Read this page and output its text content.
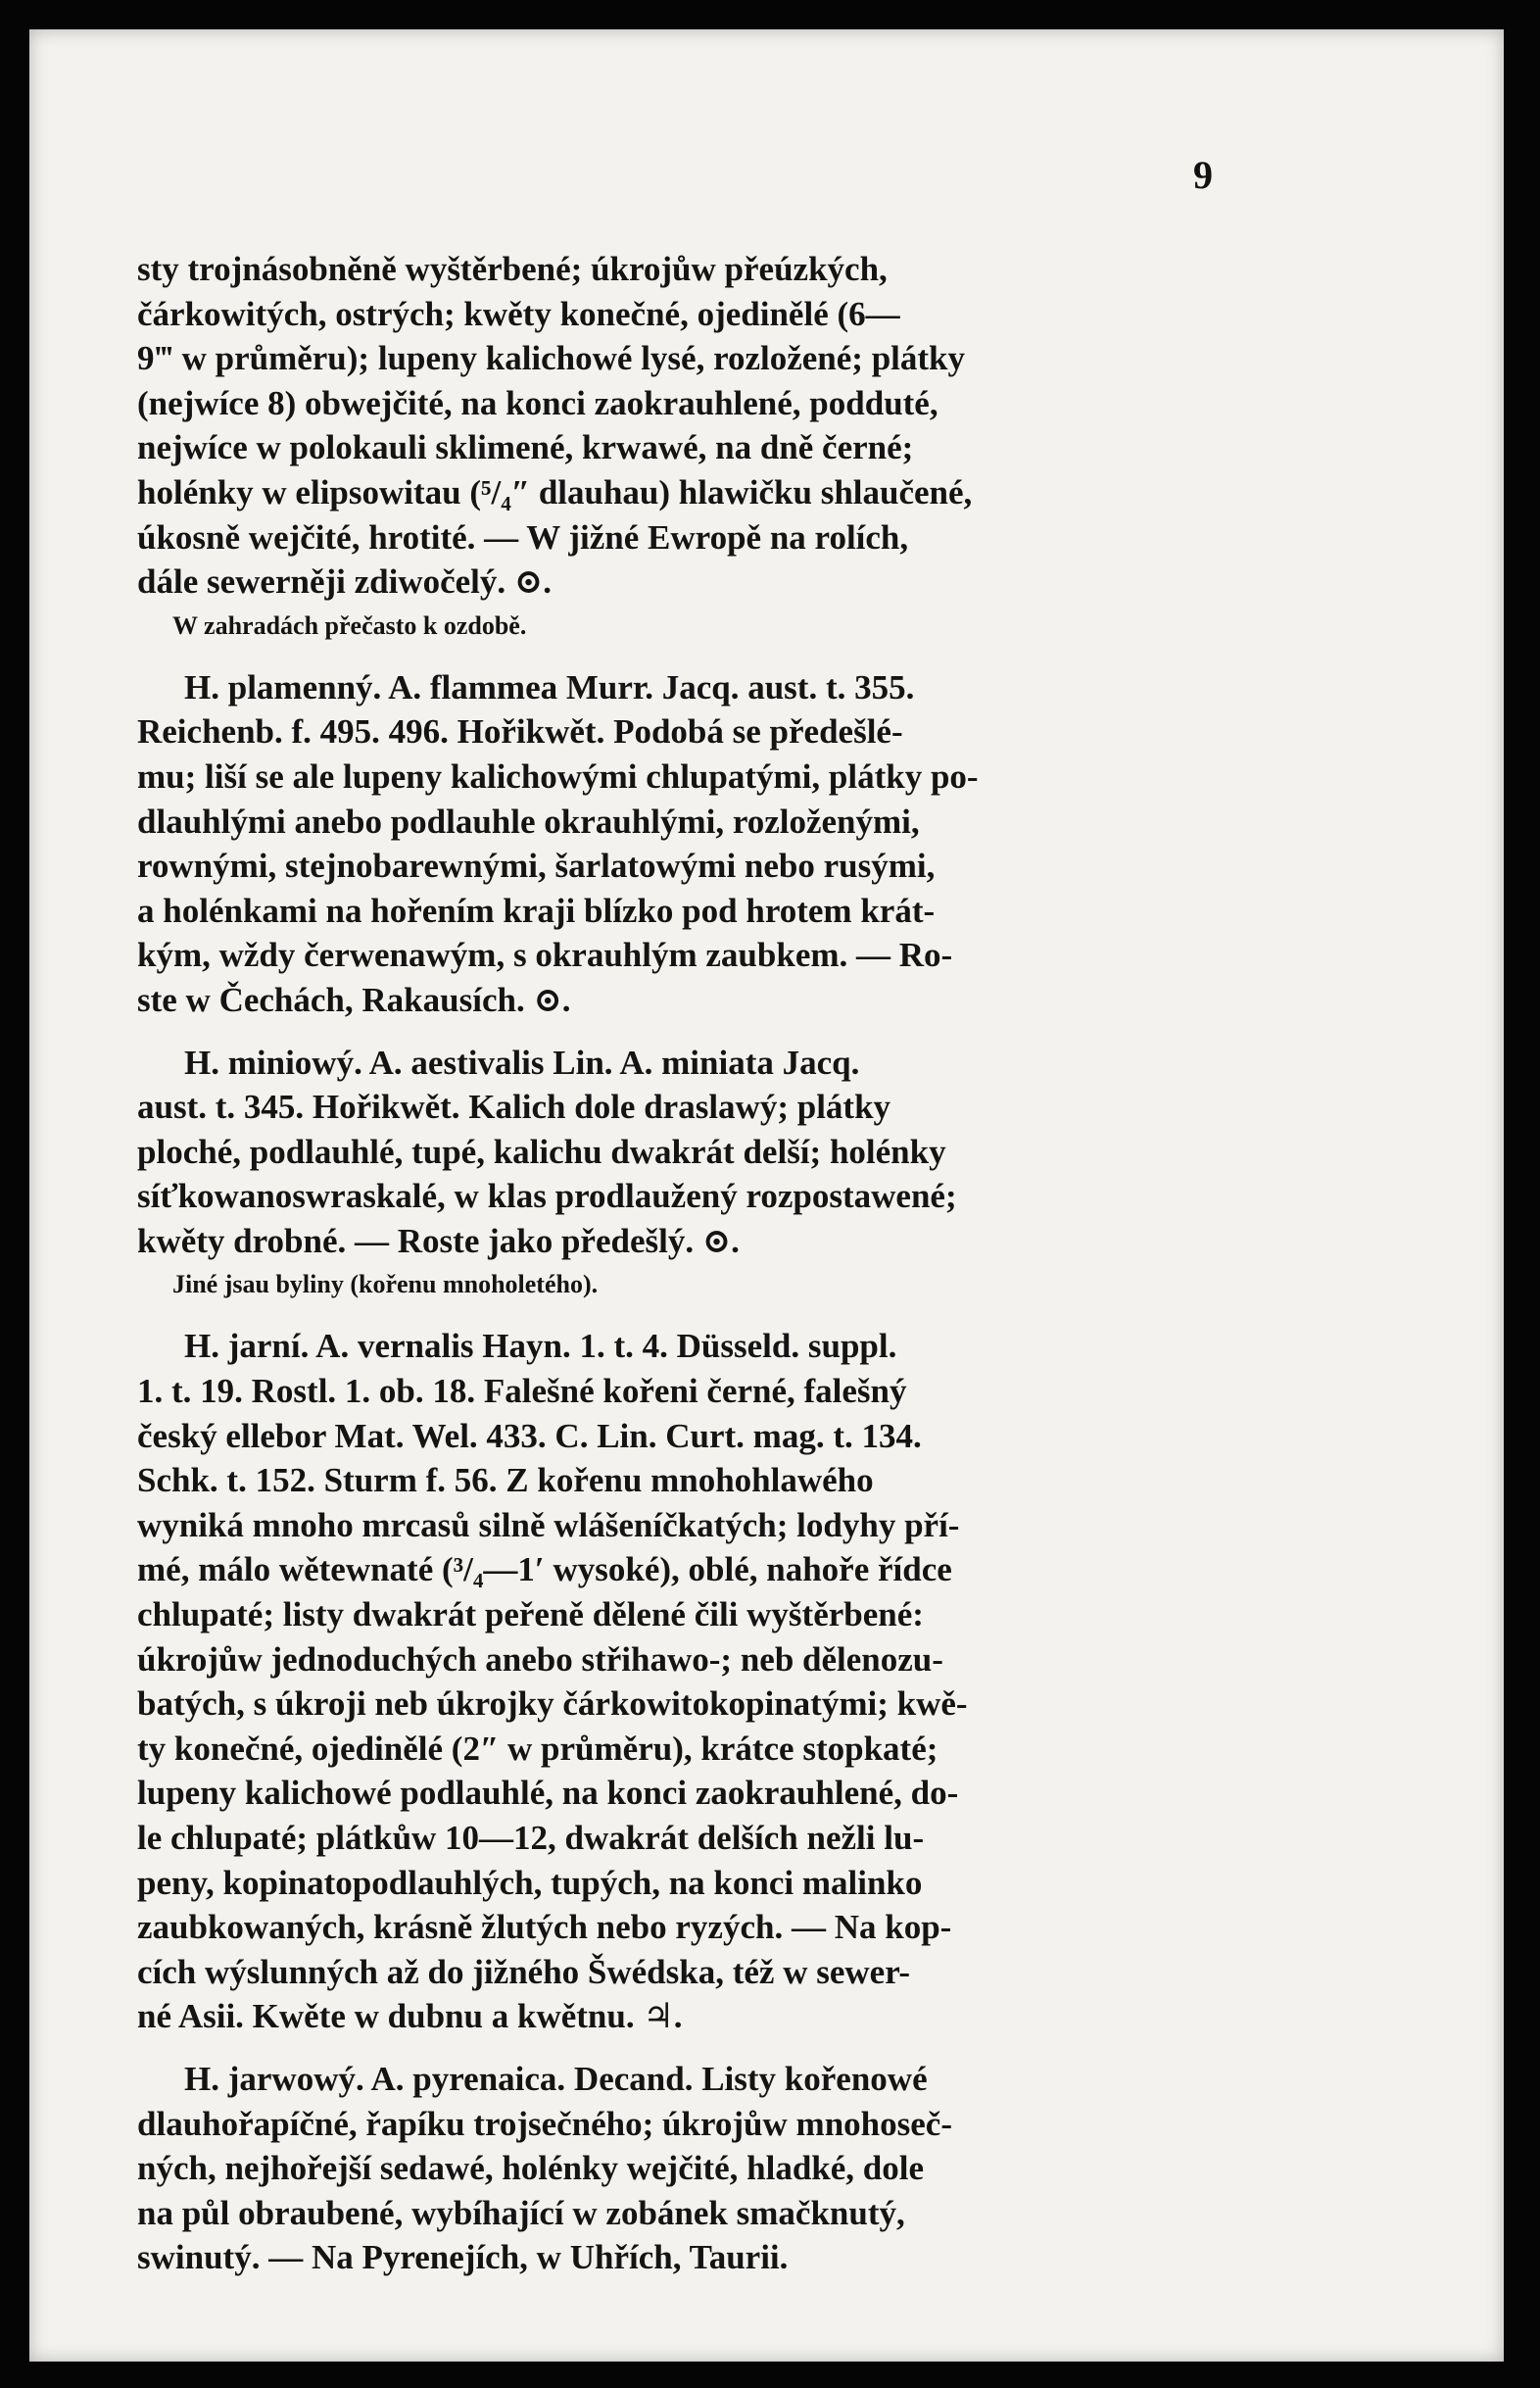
9
sty trojnásobněně wyštěrbené; úkrojůw přeúzkých,
čárkowitých, ostrých; kwěty konečné, ojedinělé (6—
9‴ w průměru); lupeny kalichowé lysé, rozložené; plátky
(nejwíce 8) obwejčité, na konci zaokrauhlené, podduté,
nejwíce w polokauli sklimené, krwawé, na dně černé;
holénky w elipsowitau (⁵/₄″ dlauhau) hlawičku shlaučené,
úkosně wejčité, hrotité. — W jižné Ewropě na rolích,
dále sewerněji zdiwočelý. ⊙.
W zahradách přečasto k ozdobě.
H. plamenný. A. flammea Murr. Jacq. aust. t. 355.
Reichenb. f. 495. 496. Hořikwět. Podobá se předešlé-
mu; liší se ale lupeny kalichowými chlupatými, plátky po-
dlauhlými anebo podlauhle okrauhlými, rozloženými,
rownými, stejnobarewnými, šarlatowými nebo rusými,
a holénkami na hořením kraji blízko pod hrotem krát-
kým, wždy čerwenawým, s okrauhlým zaubkem. — Ro-
ste w Čechách, Rakausích. ⊙.
H. miniowý. A. aestivalis Lin. A. miniata Jacq.
aust. t. 345. Hořikwět. Kalich dole draslawý; plátky
ploché, podlauhlé, tupé, kalichu dwakrát delší; holénky
síťkowanoswraskalé, w klas prodlaužený rozpostawené;
kwěty drobné. — Roste jako předešlý. ⊙.
Jiné jsau byliny (kořenu mnoholetého).
H. jarní. A. vernalis Hayn. 1. t. 4. Düsseld. suppl.
1. t. 19. Rostl. 1. ob. 18. Falešné kořeni černé, falešný
český ellebor Mat. Wel. 433. C. Lin. Curt. mag. t. 134.
Schk. t. 152. Sturm f. 56. Z kořenu mnohohlawého
wyniká mnoho mrcasů silně wlášeníčkatých; lodyhy pří-
mé, málo wětewnaté (³/₄—1′ wysoké), oblé, nahoře řídce
chlupaté; listy dwakrát peřeně dělené čili wyštěrbené:
úkrojůw jednoduchých anebo střihawo-; neb dělenozu-
batých, s úkroji neb úkrojky čárkowitokopinatými; kwě-
ty konečné, ojedinělé (2″ w průměru), krátce stopkaté;
lupeny kalichowé podlauhlé, na konci zaokrauhlené, do-
le chlupaté; plátkůw 10—12, dwakrát delších nežli lu-
peny, kopinatopodlauhlých, tupých, na konci malinko
zaubkowaných, krásně žlutých nebo ryzých. — Na kop-
cích wýslunných až do jižného Šwédska, též w sewer-
né Asii. Kwěte w dubnu a kwětnu. ♃.
H. jarwowý. A. pyrenaica. Decand. Listy kořenowé
dlauhořapíčné, řapíku trojsečného; úkrojůw mnohoseč-
ných, nejhořejší sedawé, holénky wejčité, hladké, dole
na půl obraubené, wybíhající w zobánek smačknutý,
swinutý. — Na Pyrenejích, w Uhřích, Taurii.
